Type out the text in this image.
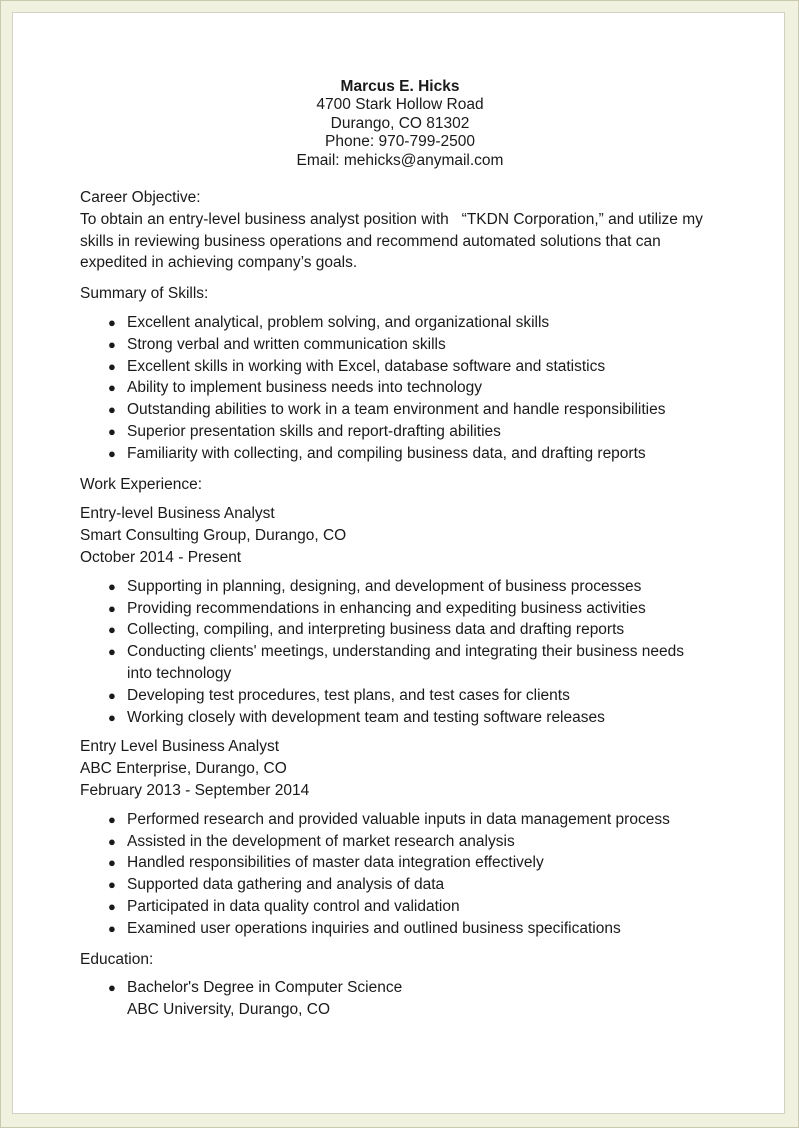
Marcus E. Hicks
4700 Stark Hollow Road
Durango, CO 81302
Phone: 970-799-2500
Email: mehicks@anymail.com
Career Objective:
To obtain an entry-level business analyst position with   “TKDN Corporation,” and utilize my
skills in reviewing business operations and recommend automated solutions that can
expedited in achieving company’s goals.
Summary of Skills:
● Excellent analytical, problem solving, and organizational skills
● Strong verbal and written communication skills
● Excellent skills in working with Excel, database software and statistics
● Ability to implement business needs into technology
● Outstanding abilities to work in a team environment and handle responsibilities
● Superior presentation skills and report-drafting abilities
● Familiarity with collecting, and compiling business data, and drafting reports
Work Experience:
Entry-level Business Analyst
Smart Consulting Group, Durango, CO
October 2014 - Present
● Supporting in planning, designing, and development of business processes
● Providing recommendations in enhancing and expediting business activities
● Collecting, compiling, and interpreting business data and drafting reports
● Conducting clients' meetings, understanding and integrating their business needs
into technology
● Developing test procedures, test plans, and test cases for clients
● Working closely with development team and testing software releases
Entry Level Business Analyst
ABC Enterprise, Durango, CO
February 2013 - September 2014
● Performed research and provided valuable inputs in data management process
● Assisted in the development of market research analysis
● Handled responsibilities of master data integration effectively
● Supported data gathering and analysis of data
● Participated in data quality control and validation
● Examined user operations inquiries and outlined business specifications
Education:
● Bachelor's Degree in Computer Science
ABC University, Durango, CO
